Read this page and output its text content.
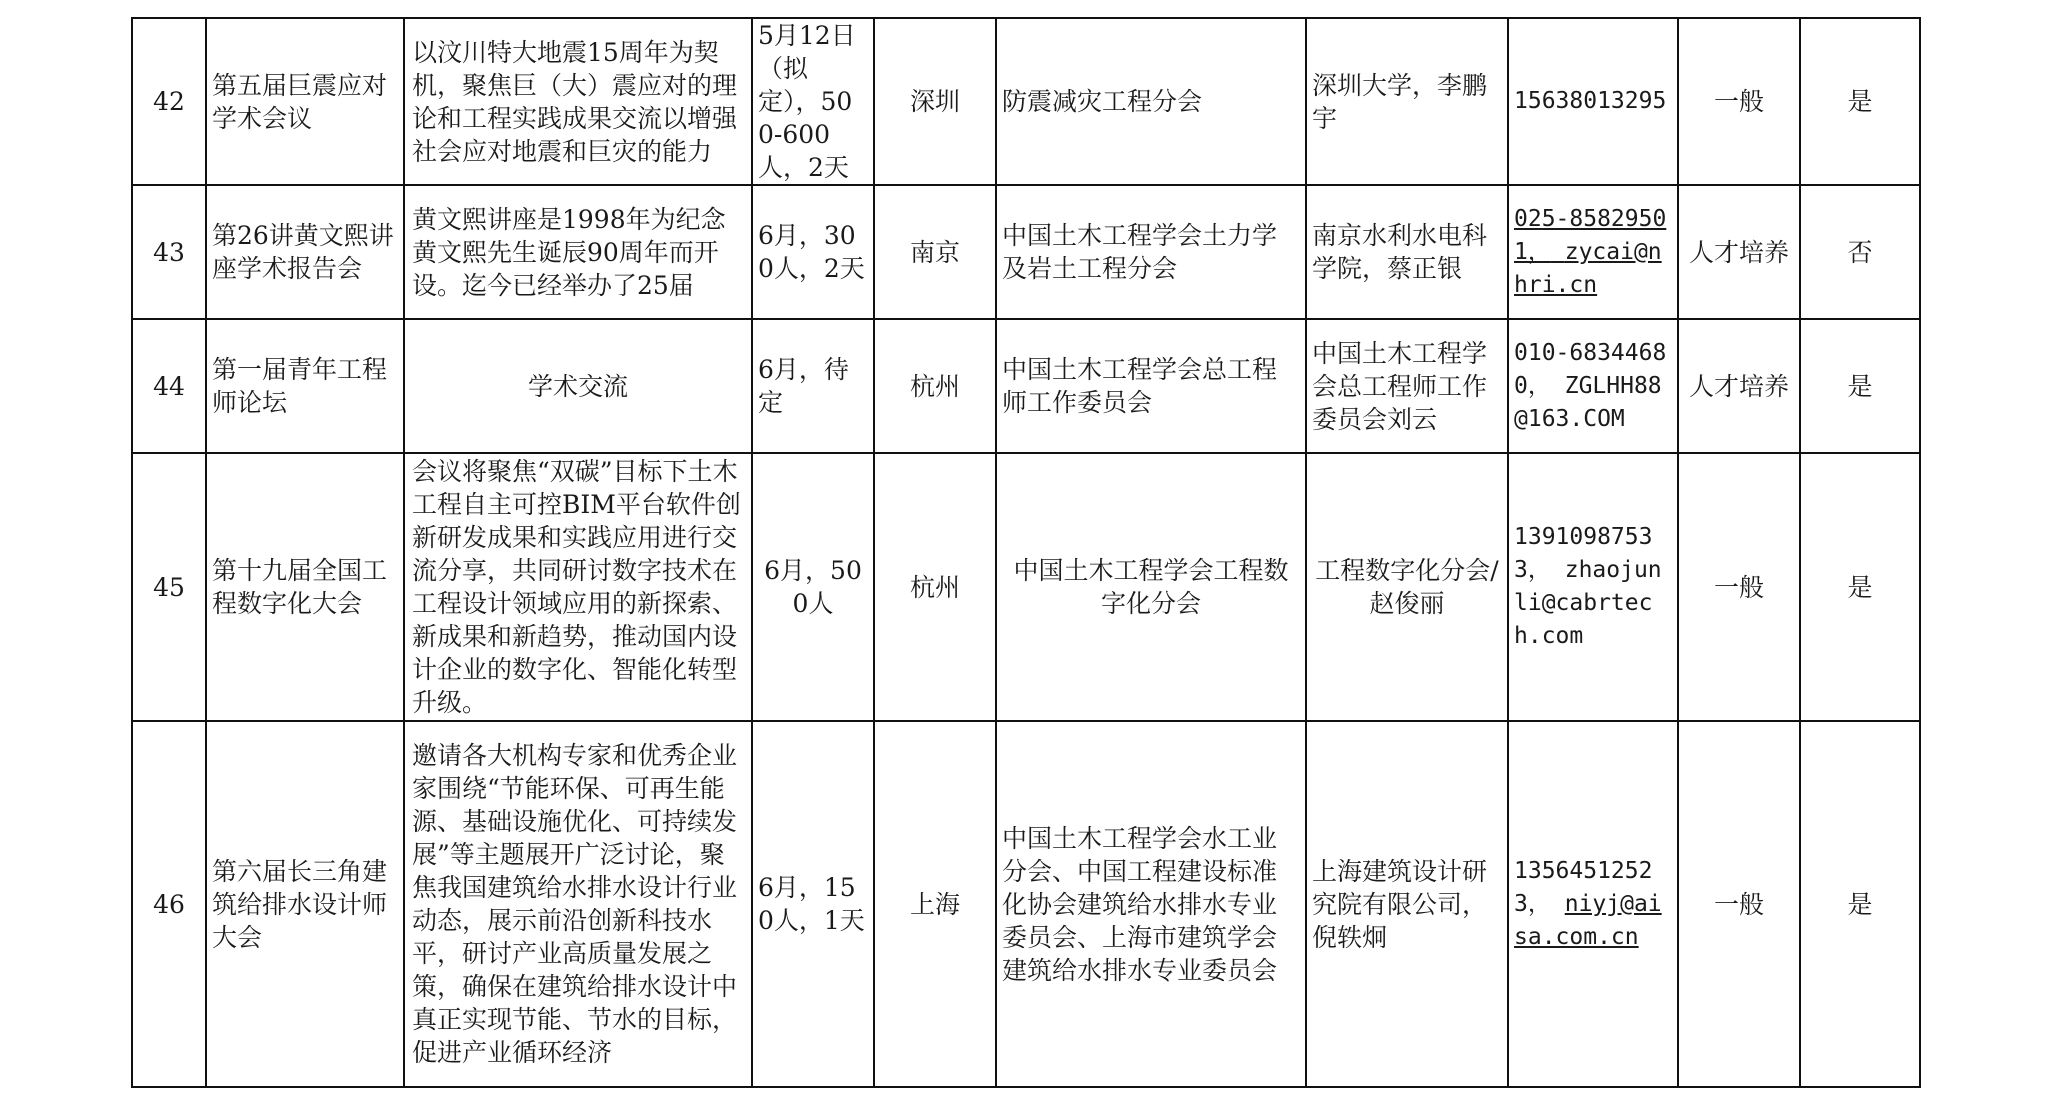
42	第五届巨震应对学术会议	以汶川特大地震15周年为契机，聚焦巨（大）震应对的理论和工程实践成果交流以增强社会应对地震和巨灾的能力	5月12日（拟定），500-600人，2天	深圳	防震减灾工程分会	深圳大学，李鹏宇	15638013295	一般	是
43	第26讲黄文熙讲座学术报告会	黄文熙讲座是1998年为纪念黄文熙先生诞辰90周年而开设。迄今已经举办了25届	6月，300人，2天	南京	中国土木工程学会土力学及岩土工程分会	南京水利水电科学院，蔡正银	025-85829501， zycai@nhri.cn	人才培养	否
44	第一届青年工程师论坛	学术交流	6月，待定	杭州	中国土木工程学会总工程师工作委员会	中国土木工程学会总工程师工作委员会刘云	010-68344680， ZGLHH88@163.COM	人才培养	是
45	第十九届全国工程数字化大会	会议将聚焦“双碳”目标下土木工程自主可控BIM平台软件创新研发成果和实践应用进行交流分享，共同研讨数字技术在工程设计领域应用的新探索、新成果和新趋势，推动国内设计企业的数字化、智能化转型升级。	6月，500人	杭州	中国土木工程学会工程数字化分会	工程数字化分会/赵俊丽	13910987533， zhaojunli@cabrtech.com	一般	是
46	第六届长三角建筑给排水设计师大会	邀请各大机构专家和优秀企业家围绕“节能环保、可再生能源、基础设施优化、可持续发展”等主题展开广泛讨论，聚焦我国建筑给水排水设计行业动态，展示前沿创新科技水平，研讨产业高质量发展之策，确保在建筑给排水设计中真正实现节能、节水的目标，促进产业循环经济	6月，150人，1天	上海	中国土木工程学会水工业分会、中国工程建设标准化协会建筑给水排水专业委员会、上海市建筑学会建筑给水排水专业委员会	上海建筑设计研究院有限公司，倪轶炯	13564512523， niyj@aisa.com.cn	一般	是
